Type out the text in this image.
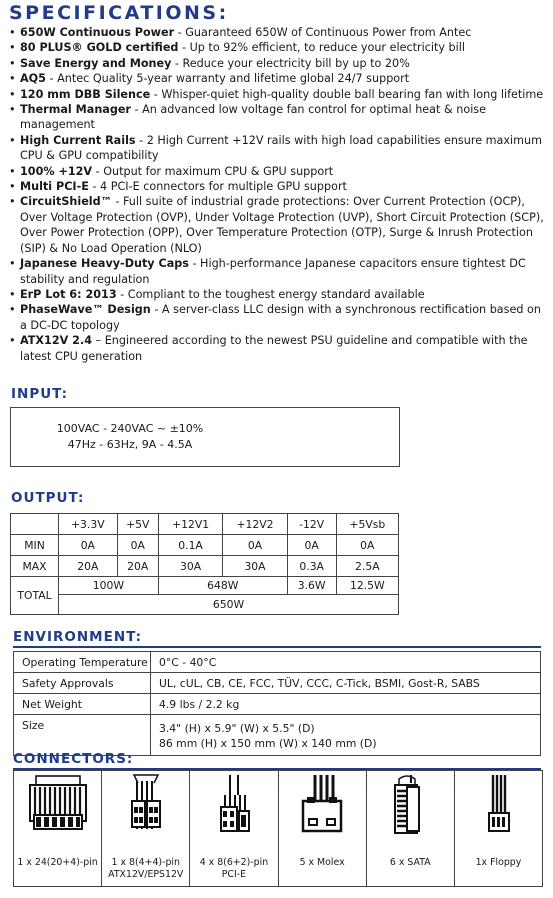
SPECIFICATIONS:
• 650W Continuous Power - Guaranteed 650W of Continuous Power from Antec
• 80 PLUS® GOLD certified - Up to 92% efficient, to reduce your electricity bill
• Save Energy and Money - Reduce your electricity bill by up to 20%
• AQ5 - Antec Quality 5-year warranty and lifetime global 24/7 support
• 120 mm DBB Silence - Whisper-quiet high-quality double ball bearing fan with long lifetime
• Thermal Manager - An advanced low voltage fan control for optimal heat & noise management
• High Current Rails - 2 High Current +12V rails with high load capabilities ensure maximum CPU & GPU compatibility
• 100% +12V - Output for maximum CPU & GPU support
• Multi PCI-E - 4 PCI-E connectors for multiple GPU support
• CircuitShield™ - Full suite of industrial grade protections: Over Current Protection (OCP), Over Voltage Protection (OVP), Under Voltage Protection (UVP), Short Circuit Protection (SCP), Over Power Protection (OPP), Over Temperature Protection (OTP), Surge & Inrush Protection (SIP) & No Load Operation (NLO)
• Japanese Heavy-Duty Caps - High-performance Japanese capacitors ensure tightest DC stability and regulation
• ErP Lot 6: 2013 - Compliant to the toughest energy standard available
• PhaseWave™ Design - A server-class LLC design with a synchronous rectification based on a DC-DC topology
• ATX12V 2.4 – Engineered according to the newest PSU guideline and compatible with the latest CPU generation
INPUT:
100VAC - 240VAC ~ ±10%
47Hz - 63Hz, 9A - 4.5A
OUTPUT:
	+3.3V	+5V	+12V1	+12V2	-12V	+5Vsb
MIN	0A	0A	0.1A	0A	0A	0A
MAX	20A	20A	30A	30A	0.3A	2.5A
TOTAL	100W		648W		3.6W	12.5W
	650W					
ENVIRONMENT:
Operating Temperature	0°C - 40°C
Safety Approvals	UL, cUL, CB, CE, FCC, TÜV, CCC, C-Tick, BSMI, Gost-R, SABS
Net Weight	4.9 lbs / 2.2 kg
Size	3.4" (H) x 5.9" (W) x 5.5" (D)
86 mm (H) x 150 mm (W) x 140 mm (D)
CONNECTORS:
1 x 24(20+4)-pin	1 x 8(4+4)-pin
ATX12V/EPS12V
4 x 8(6+2)-pin
PCI-E
5 x Molex	6 x SATA	1x Floppy
